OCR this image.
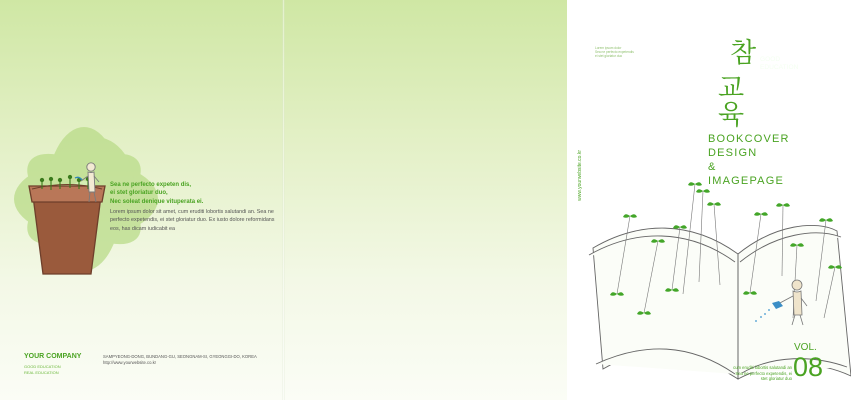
Sea ne perfecto expeten dis,
ei stet gloriatur duo,
Nec soleat denique vituperata ei.
Lorem ipsum dolor sit amet, cum eruditi lobortis salutandi an. Sea ne perfecto expetendis, ei stet gloriatur duo. Ex iusto dolore reformidans eos, has dicam iudicabit ea
YOUR COMPANY
GOOD EDUCATION
REAL EDUCATION
SAMPYEONG-DONG, BUNDANG-GU, SEONGNAM-SI, GYEONGGI-DO, KOREA
http://www.yourwebsite.co.kr
Lorem ipsum dolor
Sea ne perfecto expetendis
ei stet gloriatur duo	참
교육
GOOD
EDUCATION
BOOKCOVER
DESIGN
& IMAGEPAGE
www.yourwebsite.co.kr
VOL.
08
cum eruditi lobortis salutandi an
Sea ne perfecto expetendis, ei
stet gloriatur duo
